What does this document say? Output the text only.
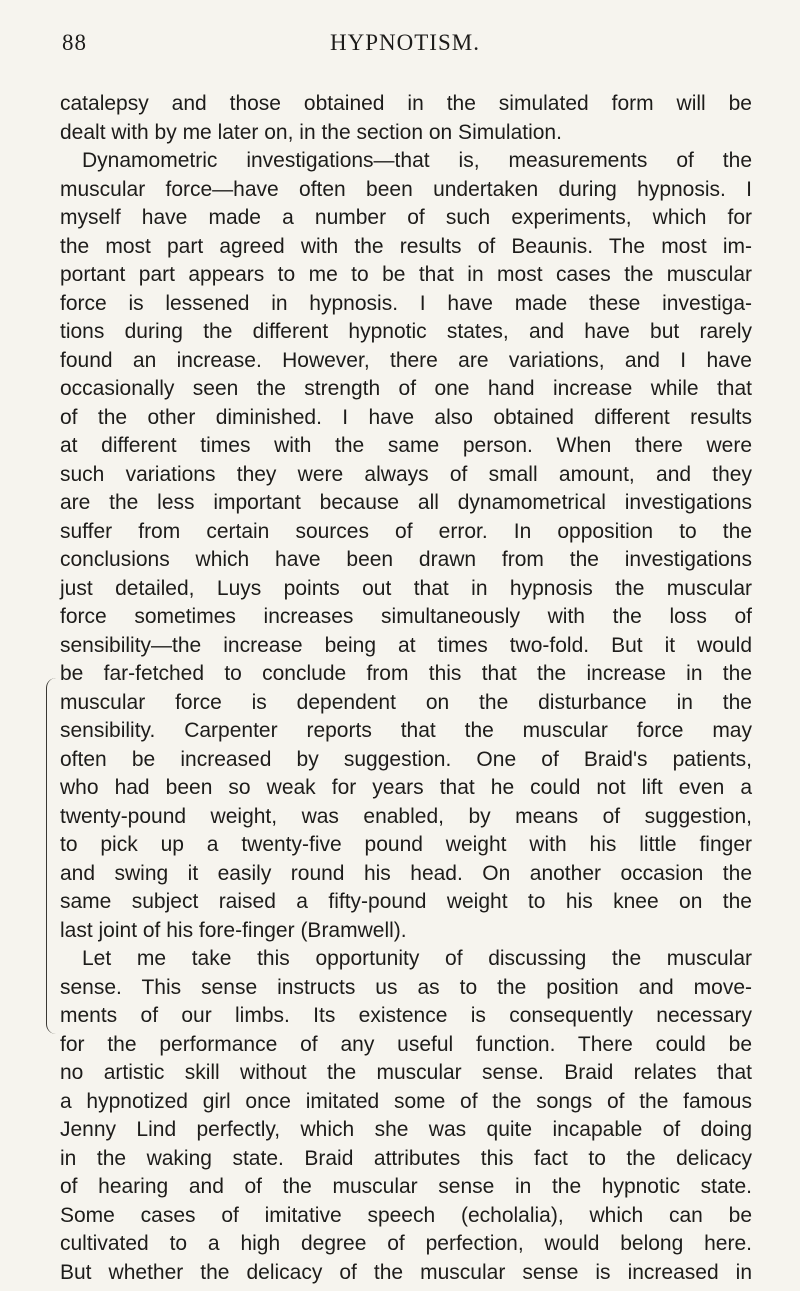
88	HYPNOTISM.
catalepsy and those obtained in the simulated form will be
dealt with by me later on, in the section on Simulation.
Dynamometric investigations—that is, measurements of the
muscular force—have often been undertaken during hypnosis. I
myself have made a number of such experiments, which for
the most part agreed with the results of Beaunis. The most im-
portant part appears to me to be that in most cases the muscular
force is lessened in hypnosis. I have made these investiga-
tions during the different hypnotic states, and have but rarely
found an increase. However, there are variations, and I have
occasionally seen the strength of one hand increase while that
of the other diminished. I have also obtained different results
at different times with the same person. When there were
such variations they were always of small amount, and they
are the less important because all dynamometrical investigations
suffer from certain sources of error. In opposition to the
conclusions which have been drawn from the investigations
just detailed, Luys points out that in hypnosis the muscular
force sometimes increases simultaneously with the loss of
sensibility—the increase being at times two-fold. But it would
be far-fetched to conclude from this that the increase in the
muscular force is dependent on the disturbance in the
sensibility. Carpenter reports that the muscular force may
often be increased by suggestion. One of Braid's patients,
who had been so weak for years that he could not lift even a
twenty-pound weight, was enabled, by means of suggestion,
to pick up a twenty-five pound weight with his little finger
and swing it easily round his head. On another occasion the
same subject raised a fifty-pound weight to his knee on the
last joint of his fore-finger (Bramwell).
Let me take this opportunity of discussing the muscular
sense. This sense instructs us as to the position and move-
ments of our limbs. Its existence is consequently necessary
for the performance of any useful function. There could be
no artistic skill without the muscular sense. Braid relates that
a hypnotized girl once imitated some of the songs of the famous
Jenny Lind perfectly, which she was quite incapable of doing
in the waking state. Braid attributes this fact to the delicacy
of hearing and of the muscular sense in the hypnotic state.
Some cases of imitative speech (echolalia), which can be
cultivated to a high degree of perfection, would belong here.
But whether the delicacy of the muscular sense is increased in
